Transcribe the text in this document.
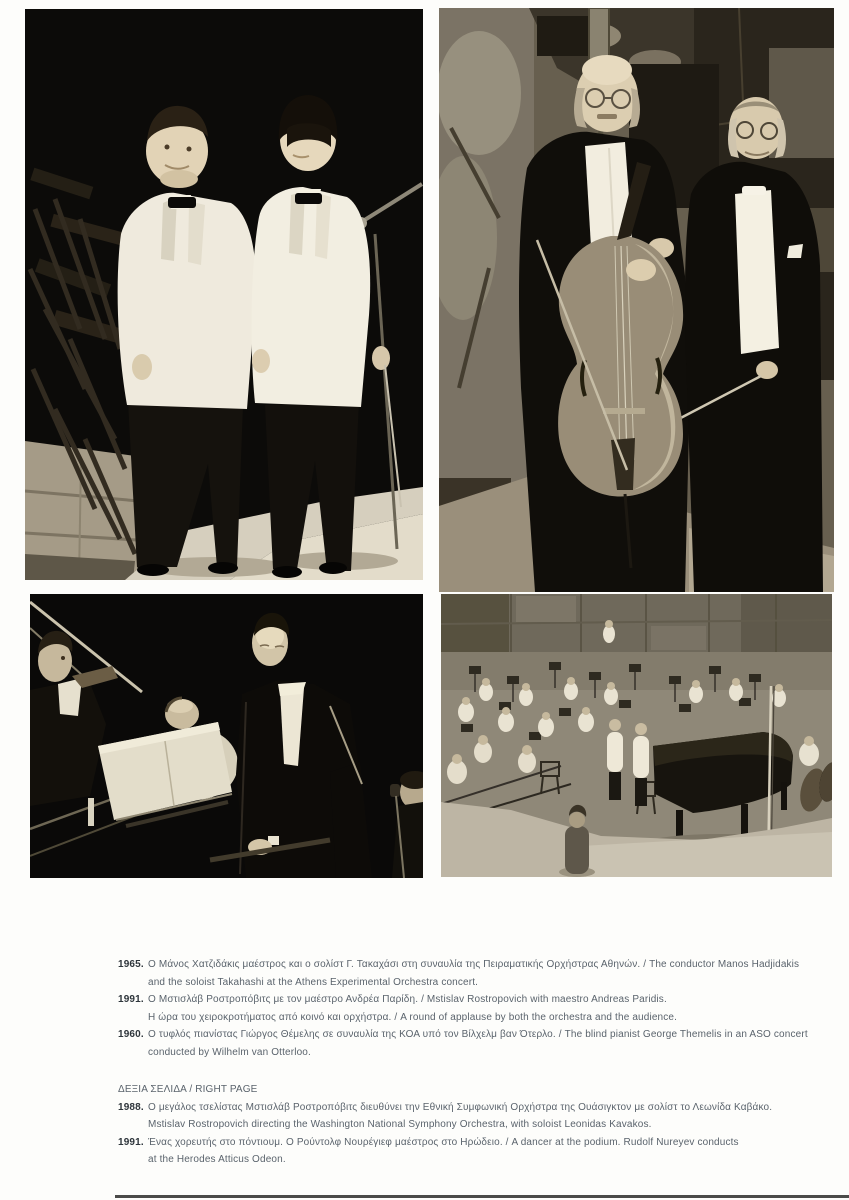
1965. Ο Μάνος Χατζιδάκις μαέστρος και ο σολίστ Γ. Τακαχάσι στη συναυλία της Πειραματικής Ορχήστρας Αθηνών. / The conductor Manos Hadjidakis
and the soloist Takahashi at the Athens Experimental Orchestra concert.
1991. Ο Μστισλάβ Ροστροπόβιτς με τον μαέστρο Ανδρέα Παρίδη. / Mstislav Rostropovich with maestro Andreas Paridis.
Η ώρα του χειροκροτήματος από κοινό και ορχήστρα. / A round of applause by both the orchestra and the audience.
1960. Ο τυφλός πιανίστας Γιώργος Θέμελης σε συναυλία της ΚΟΑ υπό τον Βίλχελμ βαν Ότερλο. / The blind pianist George Themelis in an ASO concert
conducted by Wilhelm van Otterloo.
ΔΕΞΙΑ ΣΕΛΙΔΑ / RIGHT PAGE
1988. Ο μεγάλος τσελίστας Μστισλάβ Ροστροπόβιτς διευθύνει την Εθνική Συμφωνική Ορχήστρα της Ουάσιγκτον με σολίστ το Λεωνίδα Καβάκο.
Mstislav Rostropovich directing the Washington National Symphony Orchestra, with soloist Leonidas Kavakos.
1991. Ένας χορευτής στο πόντιουμ. Ο Ρούντολφ Νουρέγιεφ μαέστρος στο Ηρώδειο. / A dancer at the podium. Rudolf Nureyev conducts
at the Herodes Atticus Odeon.
